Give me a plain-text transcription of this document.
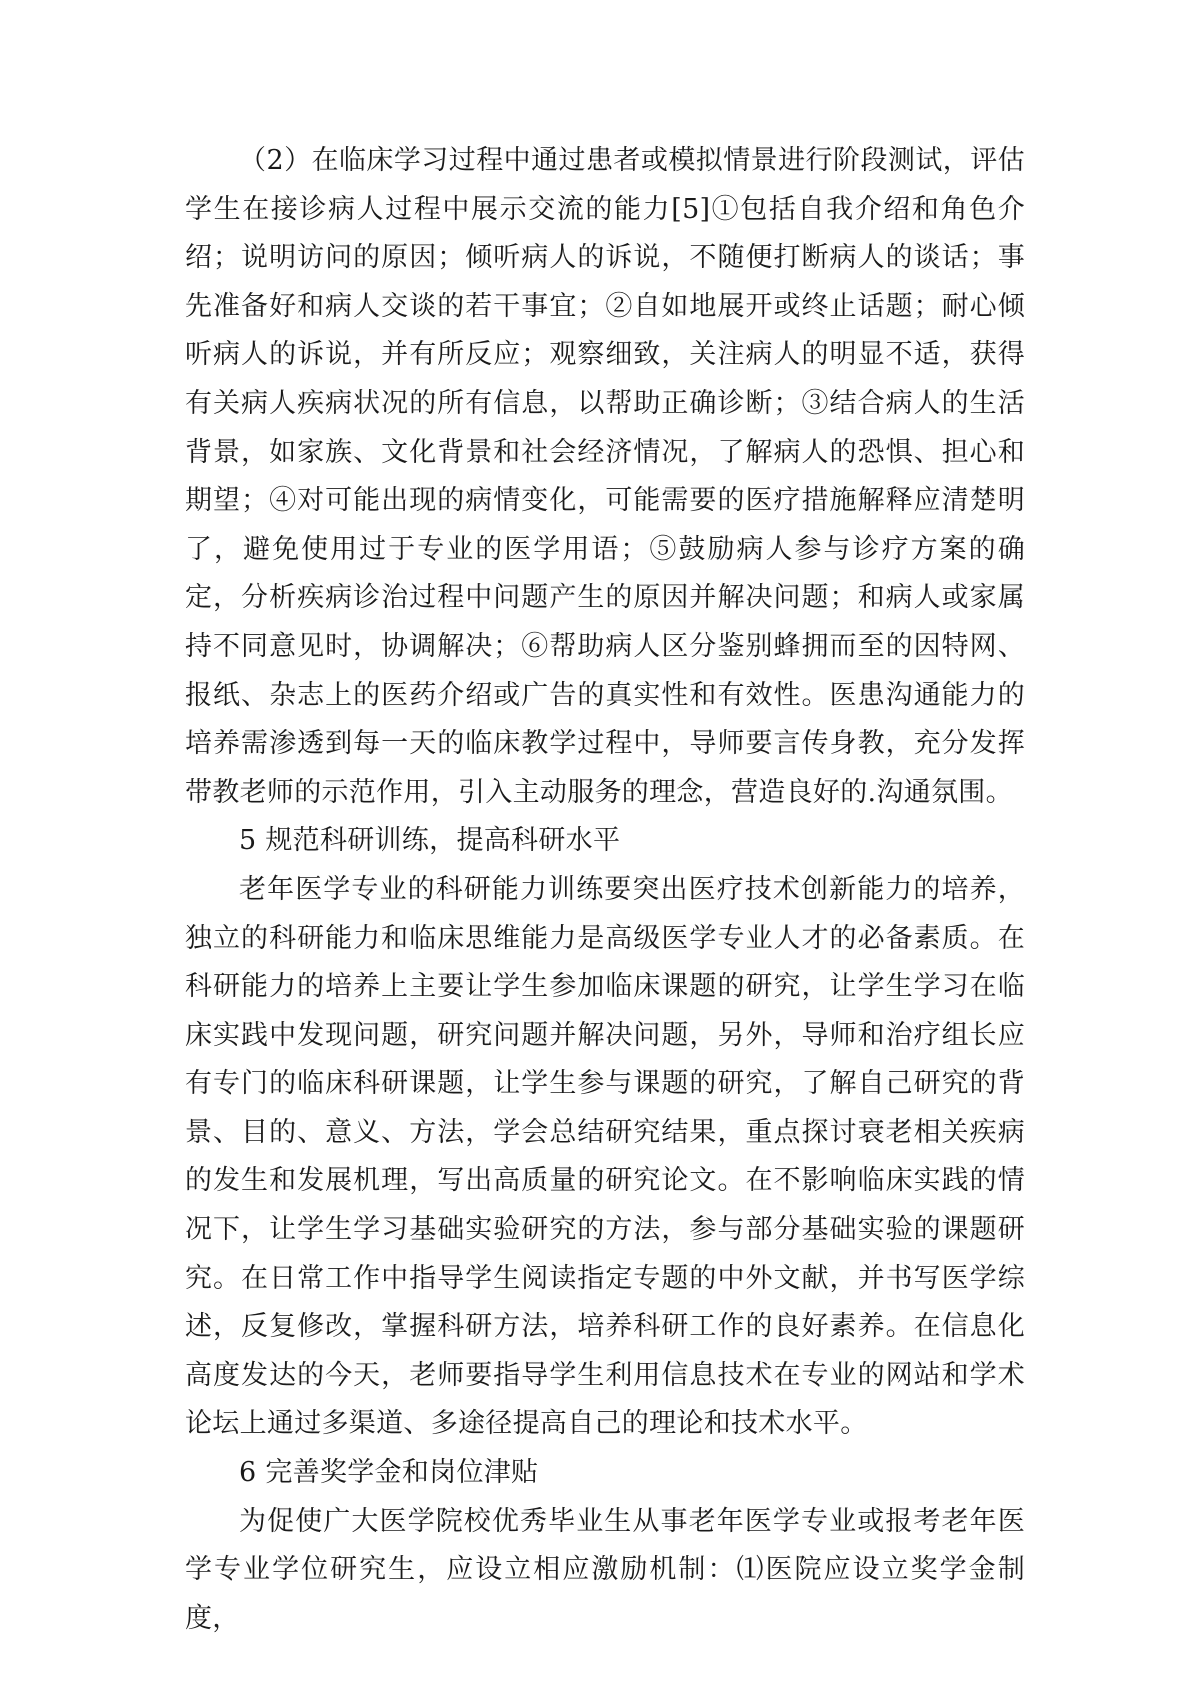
（2）在临床学习过程中通过患者或模拟情景进行阶段测试，评估学生在接诊病人过程中展示交流的能力[5]①包括自我介绍和角色介绍；说明访问的原因；倾听病人的诉说，不随便打断病人的谈话；事先准备好和病人交谈的若干事宜；②自如地展开或终止话题；耐心倾听病人的诉说，并有所反应；观察细致，关注病人的明显不适，获得有关病人疾病状况的所有信息，以帮助正确诊断；③结合病人的生活背景，如家族、文化背景和社会经济情况，了解病人的恐惧、担心和期望；④对可能出现的病情变化，可能需要的医疗措施解释应清楚明了，避免使用过于专业的医学用语；⑤鼓励病人参与诊疗方案的确定，分析疾病诊治过程中问题产生的原因并解决问题；和病人或家属持不同意见时，协调解决；⑥帮助病人区分鉴别蜂拥而至的因特网、报纸、杂志上的医药介绍或广告的真实性和有效性。医患沟通能力的培养需渗透到每一天的临床教学过程中，导师要言传身教，充分发挥带教老师的示范作用，引入主动服务的理念，营造良好的.沟通氛围。

5 规范科研训练，提高科研水平

老年医学专业的科研能力训练要突出医疗技术创新能力的培养，独立的科研能力和临床思维能力是高级医学专业人才的必备素质。在科研能力的培养上主要让学生参加临床课题的研究，让学生学习在临床实践中发现问题，研究问题并解决问题，另外，导师和治疗组长应有专门的临床科研课题，让学生参与课题的研究，了解自己研究的背景、目的、意义、方法，学会总结研究结果，重点探讨衰老相关疾病的发生和发展机理，写出高质量的研究论文。在不影响临床实践的情况下，让学生学习基础实验研究的方法，参与部分基础实验的课题研究。在日常工作中指导学生阅读指定专题的中外文献，并书写医学综述，反复修改，掌握科研方法，培养科研工作的良好素养。在信息化高度发达的今天，老师要指导学生利用信息技术在专业的网站和学术论坛上通过多渠道、多途径提高自己的理论和技术水平。

6 完善奖学金和岗位津贴

为促使广大医学院校优秀毕业生从事老年医学专业或报考老年医学专业学位研究生，应设立相应激励机制：⑴医院应设立奖学金制度，
